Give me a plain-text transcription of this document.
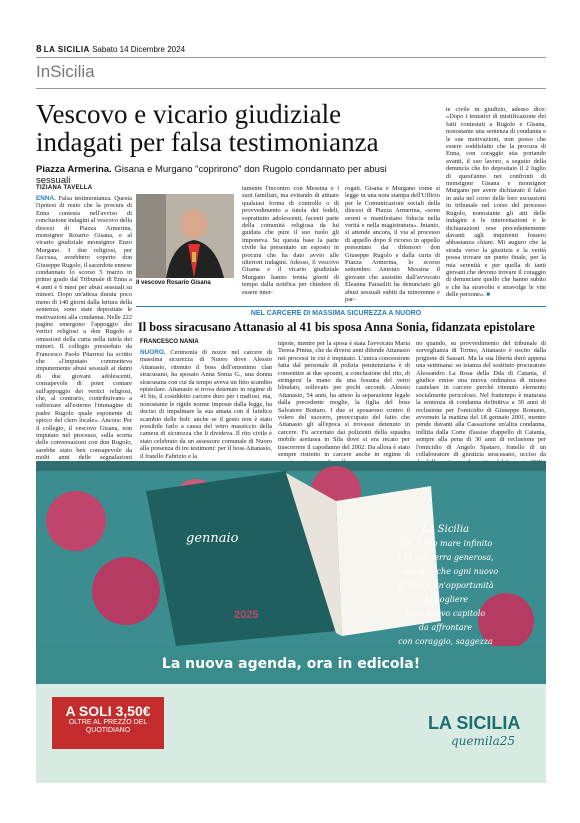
8 LA SICILIA Sabato 14 Dicembre 2024
InSicilia
Vescovo e vicario giudiziale indagati per falsa testimonianza
Piazza Armerina. Gisana e Murgano "coprirono" don Rugolo condannato per abusi sessuali
TIZIANA TAVELLA
ENNA. Falsa testimonianza. Questa l'ipotesi di reato che la procura di Enna contesta nell'avviso di conclusione indagini al vescovo della diocesi di Piazza Armerina, monsignor Rosario Gisana, e al vicario giudiziale monsignor Enzo Murgano. I due religiosi, per l'accusa, avrebbero coperto don Giuseppe Rugolo, il sacerdote ennese condannato lo scorso 5 marzo in primo grado dal Tribunale di Enna a 4 anni e 6 mesi per abusi sessuali su minori. Dopo un'attesa durata poco meno di 140 giorni dalla lettura della sentenza, sono state depositate le motivazioni alla condanna. Nelle 222 pagine emergono l'appoggio dei vertici religiosi a don Rugolo e omissioni della curia nella tutela dei minori. Il collegio presieduto da Francesco Paolo Pitarresi ha scritto che «l'imputato commetteva impunemente abusi sessuali ai danni di due giovani adolescenti, consapevole di poter contare sull'appoggio dei vertici religiosi, che, al contrario, contribuivano a rafforzare all'esterno l'immagine di padre Rugolo quale esponente di spicco del clero locale». Ancora: Per il collegio, il vescovo Gisana, non imputato nel processo, sulla scorta delle conversazioni con don Rugolo, sarebbe stato ben consapevole da molti anni delle segnalazioni
Il vescovo Rosario Gisana
tamente l'incontro con Messina e i suoi familiari, ma evitando di attuare qualsiasi forma di controllo o di provvedimento a tutela dei fedeli, soprattutto adolescenti, facenti parte della comunità religiosa da lui guidata che pure il suo ruolo gli imponeva. Su questa base la parte civile ha presentato un esposto in procura che ha dato avvio alle ulteriori indagini. Adesso, il vescovo Gisana e il vicario giudiziale Murgano hanno trenta giorni di tempo dalla notifica per chiedere di essere inter-
rogati. Gisana e Murgano come si legge in una nota stampa dell'Ufficio per le Comunicazioni sociali della diocesi di Piazza Armerina, «sono sereni e manifestano fiducia nella verità e nella magistratura». Intanto, si attende ancora, il via al processo di appello dopo il ricorso in appello presentato dai difensori don Giuseppe Rugolo e dalla curia di Piazza Armerina, lo scorso settembre. Antonio Messina il giovane che assistito dall'avvocato Eleanna Parasiliti ha denunciato gli abusi sessuali subiti da minorenne e par-
te civile in giudizio, adesso dice: «Dopo i tentativi di mistificazione dei fatti contestati a Rugolo e Gisana, nonostante una sentenza di condanna e le sue motivazioni, non posso che essere soddisfatto che la procura di Enna, con coraggio stia portando avanti, il suo lavoro, a seguito della denuncia che ho depositato il 2 luglio di quest'anno nei confronti di monsignor Gisana e monsignor Murgano per avere dichiarato il falso in aula nel corso delle loro escussioni in tribunale nel corso del processo Rugolo, nonostante gli atti delle indagini e le intercettazioni e le dichiarazioni rese precedentemente davanti agli inquirenti fossero abbastanza chiare. Mi auguro che la strada verso la giustizia e la verità possa trovare un punto finale, per la mia serenità e per quella di tanti giovani che devono trovare il coraggio di denunciare quello che hanno subito e che ha stravolto e stravolge le vite delle persone». ■
NEL CARCERE DI MASSIMA SICUREZZA A NUORO
Il boss siracusano Attanasio al 41 bis sposa Anna Sonia, fidanzata epistolare
FRANCESCO NANIA
NUORO. Cerimonia di nozze nel carcere di massima sicurezza di Nuoro dove Alessio Attanasio, ritenuto il boss dell'omonimo clan siracusano, ha sposato Anna Sonia G., una donna siracusana con cui da tempo aveva un fitto scambio epistolare. Attanasio si trova detenuto in regime di 41 bis, il cosiddetto carcere duro per i mafiosi, ma, nonostante le rigide norme imposte dalla legge, ha deciso di impalmare la sua amata con il fatidico scambio delle fedi: anche se il gesto non è stato possibile farlo a causa del vetro massiccio della camera di sicurezza che li divideva. Il rito civile è stato celebrato da un assessore comunale di Nuoro alla presenza di tre testimoni: per il boss Attanasio, il fratello Fabrizio e la
nipote, mentre per la sposa è stata l'avvocata Maria Teresa Pintus, che da diversi anni difende Attanasio nei processi in cui è imputato. L'unica concessione fatta dal personale di polizia penitenziaria è di consentire ai due sposini, a conclusione del rito, di stringersi la mano da una fessura del vetro blindato, sollevato per pochi secondi. Alessio Attanasio, 54 anni, ha atteso la separazione legale dalla precedente moglie, la figlia del boss Salvatore Bottaro. I due si sposarono contro il volere del suocero, preoccupato del fatto che Attanasio gli all'epoca si trovasse detenuto in carcere. Fu accertato dai poliziotti della squadra mobile aretusea in Sila dove si era recato per trascorrere il capodanno del 2002. Da allora è stato sempre ristretto in carcere anche in regime di
no quando, su provvedimento del tribunale di sorveglianza di Torino, Attanasio è uscito dalla prigione di Sassari. Ma la sua libertà durò appena una settimana: su istanza del sostituto procuratore Alessandro La Rosa della Dda di Catania, il giudice emise una nuova ordinanza di misura cautelare in carcere perché ritenuto elemento socialmente pericoloso. Nel frattempo è maturata la sentenza di condanna definitiva a 30 anni di reclusione per l'omicidio di Giuseppe Romano, avvenuto la mattina del 18 gennaio 2001, mentre pende davanti alla Cassazione un'altra condanna, inflitta dalla Corte d'assise d'appello di Catania, sempre alla pena di 30 anni di reclusione per l'omicidio di Angelo Spataro, fratello di un collaboratore di giustizia siracusano, ucciso da
gennaio
2025
La Sicilia
con il suo mare infinito
e la sua terra generosa,
ci insegna che ogni nuovo
giorno è un'opportunità
da cogliere
e un nuovo capitolo
da affrontare
con coraggio, saggezza
La nuova agenda, ora in edicola!
A SOLI 3,50€
OLTRE AL PREZZO DEL QUOTIDIANO	LA SICILIA
quemila25
